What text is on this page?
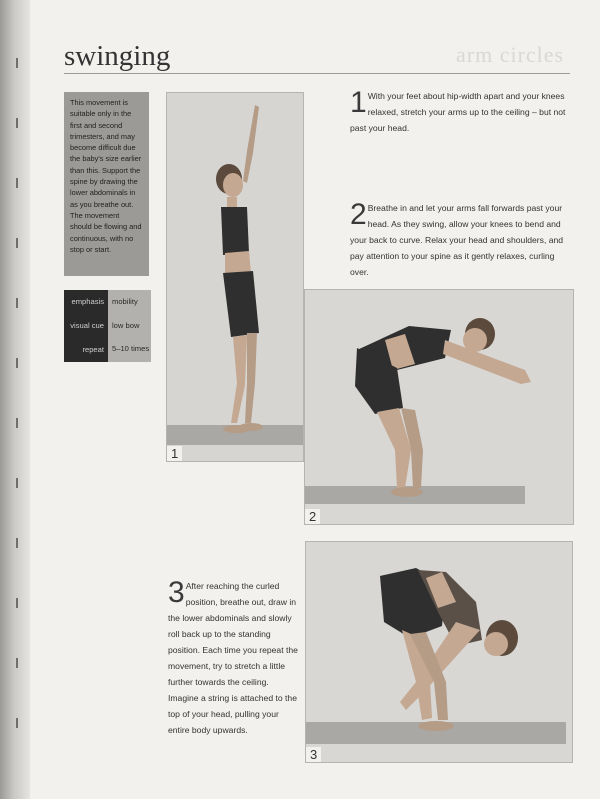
arm circles
swinging
This movement is suitable only in the first and second trimesters, and may become difficult due the baby's size earlier than this. Support the spine by drawing the lower abdominals in as you breathe out. The movement should be flowing and continuous, with no stop or start.
emphasis	mobility
visual cue	low bow
repeat	5–10 times
1 With your feet about hip-width apart and your knees relaxed, stretch your arms up to the ceiling – but not past your head.
2 Breathe in and let your arms fall forwards past your head. As they swing, allow your knees to bend and your back to curve. Relax your head and shoulders, and pay attention to your spine as it gently relaxes, curling over.
3 After reaching the curled position, breathe out, draw in the lower abdominals and slowly roll back up to the standing position. Each time you repeat the movement, try to stretch a little further towards the ceiling. Imagine a string is attached to the top of your head, pulling your entire body upwards.
1
2
3
